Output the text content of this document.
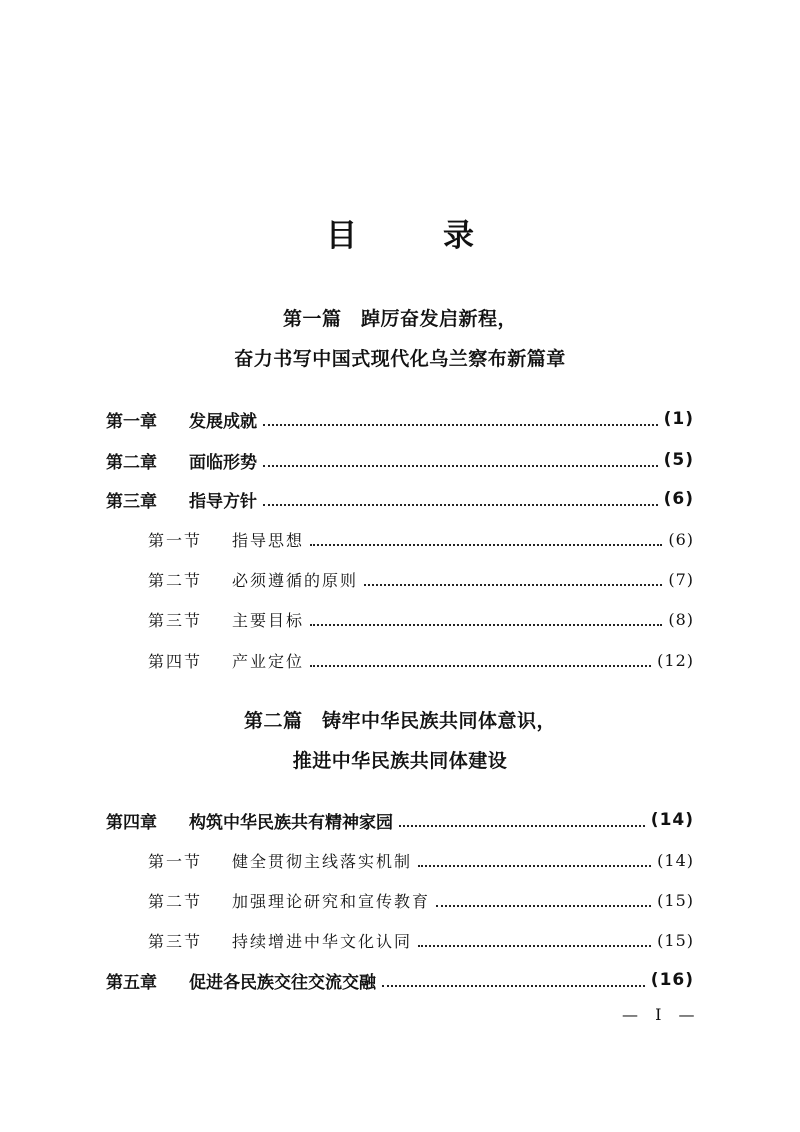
目	录
第一篇　踔厉奋发启新程，
奋力书写中国式现代化乌兰察布新篇章
第一章	发展成就	(1)
第二章	面临形势	(5)
第三章	指导方针	(6)
第一节	指导思想	(6)
第二节	必须遵循的原则	(7)
第三节	主要目标	(8)
第四节	产业定位	(12)
第二篇　铸牢中华民族共同体意识，
推进中华民族共同体建设
第四章	构筑中华民族共有精神家园	(14)
第一节	健全贯彻主线落实机制	(14)
第二节	加强理论研究和宣传教育	(15)
第三节	持续增进中华文化认同	(15)
第五章	促进各民族交往交流交融	(16)
— I —
